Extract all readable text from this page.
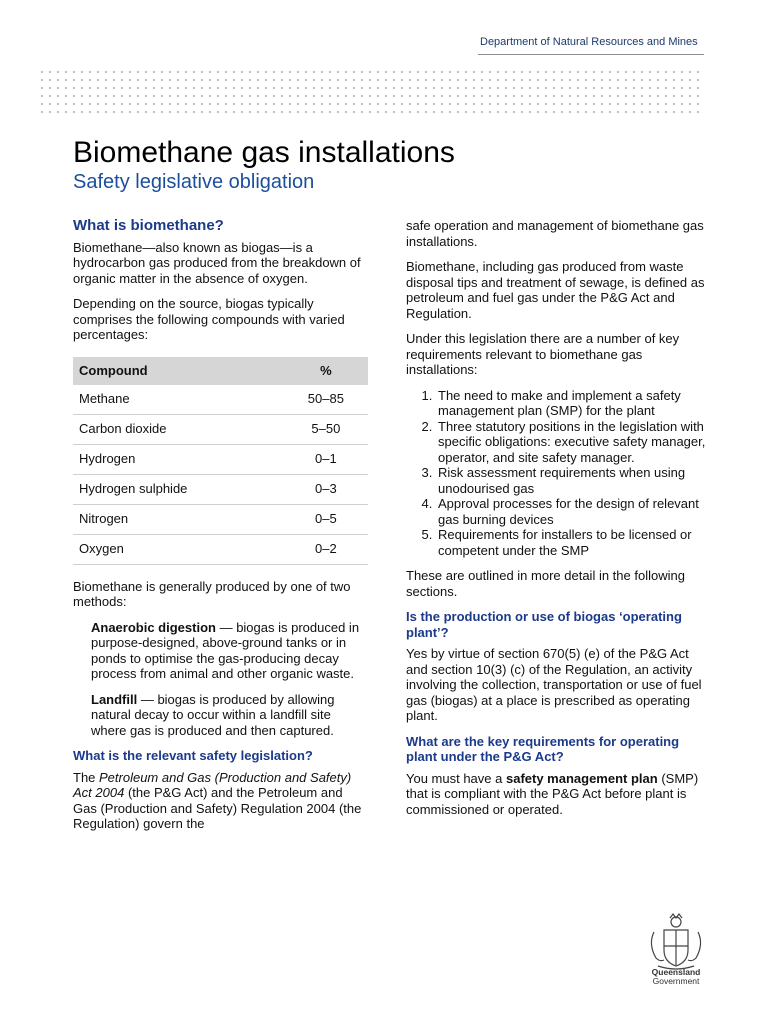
Department of Natural Resources and Mines
Biomethane gas installations
Safety legislative obligation
What is biomethane?

Biomethane—also known as biogas—is a hydrocarbon gas produced from the breakdown of organic matter in the absence of oxygen.

Depending on the source, biogas typically comprises the following compounds with varied percentages:

Compound	%
Methane	50–85
Carbon dioxide	5–50
Hydrogen	0–1
Hydrogen sulphide	0–3
Nitrogen	0–5
Oxygen	0–2

Biomethane is generally produced by one of two methods:

Anaerobic digestion — biogas is produced in purpose-designed, above-ground tanks or in ponds to optimise the gas-producing decay process from animal and other organic waste.

Landfill — biogas is produced by allowing natural decay to occur within a landfill site where gas is produced and then captured.

What is the relevant safety legislation?

The Petroleum and Gas (Production and Safety) Act 2004 (the P&G Act) and the Petroleum and Gas (Production and Safety) Regulation 2004 (the Regulation) govern the

safe operation and management of biomethane gas installations.

Biomethane, including gas produced from waste disposal tips and treatment of sewage, is defined as petroleum and fuel gas under the P&G Act and Regulation.

Under this legislation there are a number of key requirements relevant to biomethane gas installations:

1. The need to make and implement a safety management plan (SMP) for the plant
2. Three statutory positions in the legislation with specific obligations: executive safety manager, operator, and site safety manager.
3. Risk assessment requirements when using unodourised gas
4. Approval processes for the design of relevant gas burning devices
5. Requirements for installers to be licensed or competent under the SMP

These are outlined in more detail in the following sections.

Is the production or use of biogas ‘operating plant’?

Yes by virtue of section 670(5) (e) of the P&G Act and section 10(3) (c) of the Regulation, an activity involving the collection, transportation or use of fuel gas (biogas) at a place is prescribed as operating plant.

What are the key requirements for operating plant under the P&G Act?

You must have a safety management plan (SMP) that is compliant with the P&G Act before plant is commissioned or operated.

Queensland
Government
